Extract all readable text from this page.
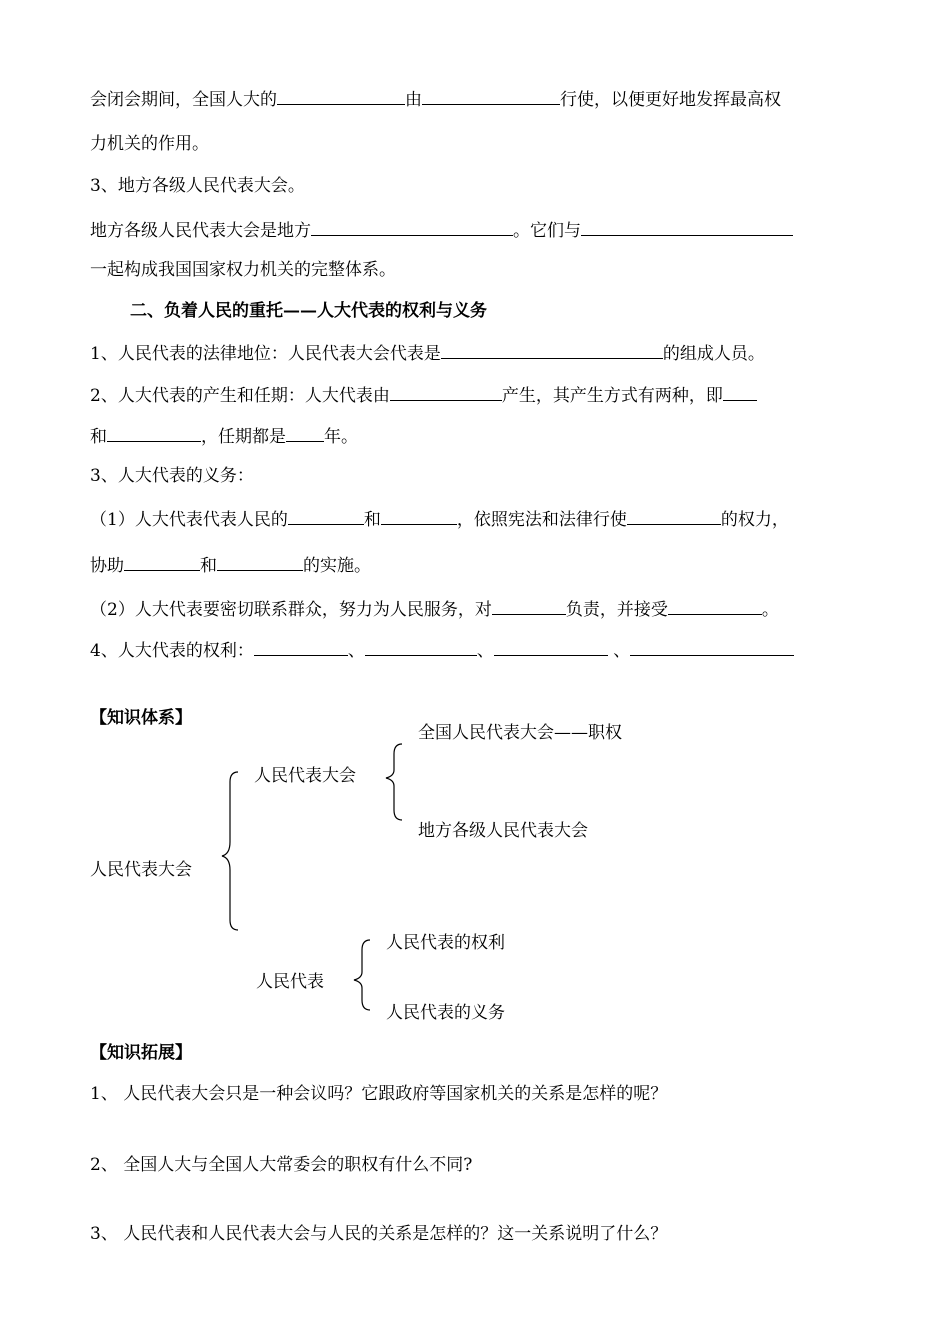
会闭会期间，全国人大的	由	行使，以便更好地发挥最高权
力机关的作用。
3、地方各级人民代表大会。
地方各级人民代表大会是地方	。它们与
一起构成我国国家权力机关的完整体系。
二、负着人民的重托——人大代表的权利与义务
1、人民代表的法律地位：人民代表大会代表是	的组成人员。
2、人大代表的产生和任期：人大代表由	产生，其产生方式有两种，即
和	，任期都是 年。
3、人大代表的义务：
（1）人大代表代表人民的	和	，依照宪法和法律行使	的权力，
协助	和	的实施。
（2）人大代表要密切联系群众，努力为人民服务，对	负责，并接受	。
4、人大代表的权利：	、	、	、
【知识体系】
全国人民代表大会——职权
人民代表大会
地方各级人民代表大会
人民代表大会
人民代表的权利
人民代表
人民代表的义务
【知识拓展】
1、 人民代表大会只是一种会议吗？它跟政府等国家机关的关系是怎样的呢？
2、 全国人大与全国人大常委会的职权有什么不同?
3、 人民代表和人民代表大会与人民的关系是怎样的？这一关系说明了什么？
